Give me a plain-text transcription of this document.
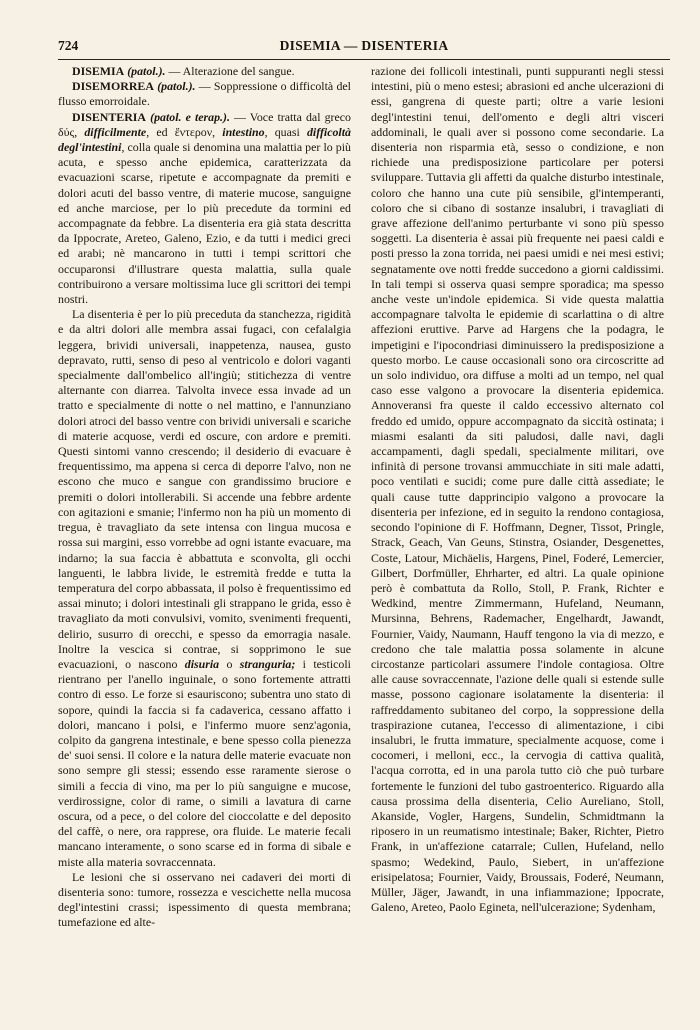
724	DISEMIA — DISENTERIA

DISEMIA (patol.). — Alterazione del sangue.

DISEMORREA (patol.). — Soppressione o difficoltà del flusso emorroidale.

DISENTERIA (patol. e terap.). — Voce tratta dal greco δύς, difficilmente, ed ἔντερον, intestino, quasi difficoltà degl'intestini, colla quale si denomina una malattia per lo più acuta, e spesso anche epidemica, caratterizzata da evacuazioni scarse, ripetute e accompagnate da premiti e dolori acuti del basso ventre, di materie mucose, sanguigne ed anche marciose, per lo più precedute da tormini ed accompagnate da febbre. La disenteria era già stata descritta da Ippocrate, Areteo, Galeno, Ezio, e da tutti i medici greci ed arabi; nè mancarono in tutti i tempi scrittori che occuparonsi d'illustrare questa malattia, sulla quale contribuirono a versare moltissima luce gli scrittori dei tempi nostri.

La disenteria è per lo più preceduta da stanchezza, rigidità e da altri dolori alle membra assai fugaci, con cefalalgia leggera, brividi universali, inappetenza, nausea, gusto depravato, rutti, senso di peso al ventricolo e dolori vaganti specialmente dall'ombelico all'ingiù; stitichezza di ventre alternante con diarrea. Talvolta invece essa invade ad un tratto e specialmente di notte o nel mattino, e l'annunziano dolori atroci del basso ventre con brividi universali e scariche di materie acquose, verdi ed oscure, con ardore e premiti. Questi sintomi vanno crescendo; il desiderio di evacuare è frequentissimo, ma appena si cerca di deporre l'alvo, non ne escono che muco e sangue con grandissimo bruciore e premiti o dolori intollerabili. Si accende una febbre ardente con agitazioni e smanie; l'infermo non ha più un momento di tregua, è travagliato da sete intensa con lingua mucosa e rossa sui margini, esso vorrebbe ad ogni istante evacuare, ma indarno; la sua faccia è abbattuta e sconvolta, gli occhi languenti, le labbra livide, le estremità fredde e tutta la temperatura del corpo abbassata, il polso è frequentissimo ed assai minuto; i dolori intestinali gli strappano le grida, esso è travagliato da moti convulsivi, vomito, svenimenti frequenti, delirio, susurro di orecchi, e spesso da emorragia nasale. Inoltre la vescica si contrae, si sopprimono le sue evacuazioni, o nascono disuria o stranguria; i testicoli rientrano per l'anello inguinale, o sono fortemente attratti contro di esso. Le forze si esauriscono; subentra uno stato di sopore, quindi la faccia si fa cadaverica, cessano affatto i dolori, mancano i polsi, e l'infermo muore senz'agonia, colpito da gangrena intestinale, e bene spesso colla pienezza de' suoi sensi. Il colore e la natura delle materie evacuate non sono sempre gli stessi; essendo esse raramente sierose o simili a feccia di vino, ma per lo più sanguigne e mucose, verdirossigne, color di rame, o simili a lavatura di carne oscura, od a pece, o del colore del cioccolatte e del deposito del caffè, o nere, ora rapprese, ora fluide. Le materie fecali mancano interamente, o sono scarse ed in forma di sibale e miste alla materia sovraccennata.

Le lesioni che si osservano nei cadaveri dei morti di disenteria sono: tumore, rossezza e vescichette nella mucosa degl'intestini crassi; ispessimento di questa membrana; tumefazione ed alte-

razione dei follicoli intestinali, punti suppuranti negli stessi intestini, più o meno estesi; abrasioni ed anche ulcerazioni di essi, gangrena di queste parti; oltre a varie lesioni degl'intestini tenui, dell'omento e degli altri visceri addominali, le quali aver si possono come secondarie. La disenteria non risparmia età, sesso o condizione, e non richiede una predisposizione particolare per potersi sviluppare. Tuttavia gli affetti da qualche disturbo intestinale, coloro che hanno una cute più sensibile, gl'intemperanti, coloro che si cibano di sostanze insalubri, i travagliati di grave affezione dell'animo perturbante vi sono più spesso soggetti. La disenteria è assai più frequente nei paesi caldi e posti presso la zona torrida, nei paesi umidi e nei mesi estivi; segnatamente ove notti fredde succedono a giorni caldissimi. In tali tempi si osserva quasi sempre sporadica; ma spesso anche veste un'indole epidemica. Si vide questa malattia accompagnare talvolta le epidemie di scarlattina o di altre affezioni eruttive. Parve ad Hargens che la podagra, le impetigini e l'ipocondriasi diminuissero la predisposizione a questo morbo. Le cause occasionali sono ora circoscritte ad un solo individuo, ora diffuse a molti ad un tempo, nel qual caso esse valgono a provocare la disenteria epidemica. Annoveransi fra queste il caldo eccessivo alternato col freddo ed umido, oppure accompagnato da siccità ostinata; i miasmi esalanti da siti paludosi, dalle navi, dagli accampamenti, dagli spedali, specialmente militari, ove infinità di persone trovansi ammucchiate in siti male adatti, poco ventilati e sucidi; come pure dalle città assediate; le quali cause tutte dapprincipio valgono a provocare la disenteria per infezione, ed in seguito la rendono contagiosa, secondo l'opinione di F. Hoffmann, Degner, Tissot, Pringle, Strack, Geach, Van Geuns, Stinstra, Osiander, Desgenettes, Coste, Latour, Michäelis, Hargens, Pinel, Foderé, Lemercier, Gilbert, Dorfmüller, Ehrharter, ed altri. La quale opinione però è combattuta da Rollo, Stoll, P. Frank, Richter e Wedkind, mentre Zimmermann, Hufeland, Neumann, Mursinna, Behrens, Rademacher, Engelhardt, Jawandt, Fournier, Vaidy, Naumann, Hauff tengono la via di mezzo, e credono che tale malattia possa solamente in alcune circostanze particolari assumere l'indole contagiosa. Oltre alle cause sovraccennate, l'azione delle quali si estende sulle masse, possono cagionare isolatamente la disenteria: il raffreddamento subitaneo del corpo, la soppressione della traspirazione cutanea, l'eccesso di alimentazione, i cibi insalubri, le frutta immature, specialmente acquose, come i cocomeri, i melloni, ecc., la cervogia di cattiva qualità, l'acqua corrotta, ed in una parola tutto ciò che può turbare fortemente le funzioni del tubo gastroenterico. Riguardo alla causa prossima della disenteria, Celio Aureliano, Stoll, Akanside, Vogler, Hargens, Sundelin, Schmidtmann la riposero in un reumatismo intestinale; Baker, Richter, Pietro Frank, in un'affezione catarrale; Cullen, Hufeland, nello spasmo; Wedekind, Paulo, Siebert, in un'affezione erisipelatosa; Fournier, Vaidy, Broussais, Foderé, Neumann, Müller, Jäger, Jawandt, in una infiammazione; Ippocrate, Galeno, Areteo, Paolo Egineta, nell'ulcerazione; Sydenham,
